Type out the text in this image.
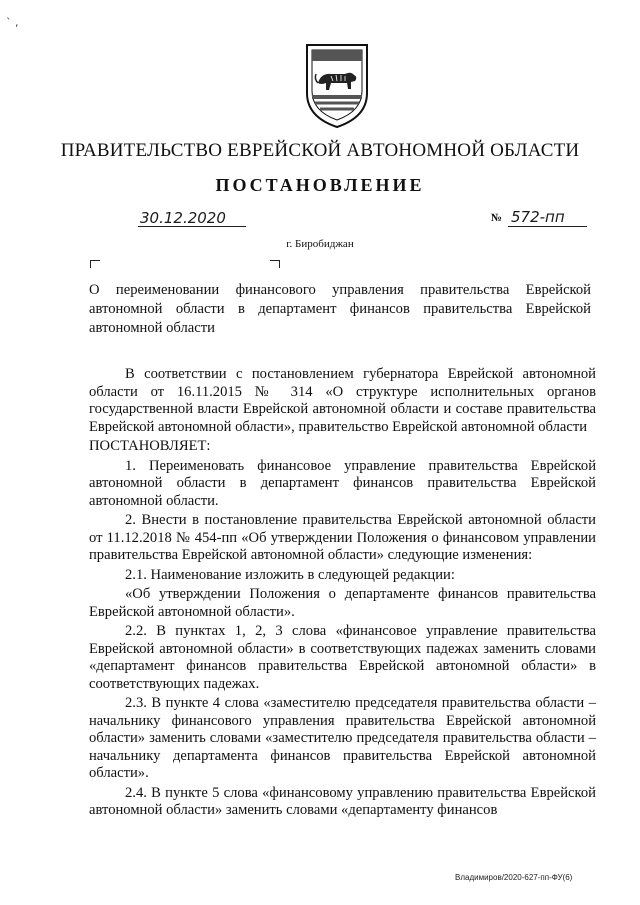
` ,
ПРАВИТЕЛЬСТВО ЕВРЕЙСКОЙ АВТОНОМНОЙ ОБЛАСТИ
ПОСТАНОВЛЕНИЕ
30.12.2020	№ 572-пп
г. Биробиджан
О переименовании финансового управления правительства Еврейской автономной области в департамент финансов правительства Еврейской автономной области

В соответствии с постановлением губернатора Еврейской автономной области от 16.11.2015 № 314 «О структуре исполнительных органов государственной власти Еврейской автономной области и составе правительства Еврейской автономной области», правительство Еврейской автономной области

ПОСТАНОВЛЯЕТ:

1. Переименовать финансовое управление правительства Еврейской автономной области в департамент финансов правительства Еврейской автономной области.

2. Внести в постановление правительства Еврейской автономной области от 11.12.2018 № 454-пп «Об утверждении Положения о финансовом управлении правительства Еврейской автономной области» следующие изменения:

2.1. Наименование изложить в следующей редакции:

«Об утверждении Положения о департаменте финансов правительства Еврейской автономной области».

2.2. В пунктах 1, 2, 3 слова «финансовое управление правительства Еврейской автономной области» в соответствующих падежах заменить словами «департамент финансов правительства Еврейской автономной области» в соответствующих падежах.

2.3. В пункте 4 слова «заместителю председателя правительства области – начальнику финансового управления правительства Еврейской автономной области» заменить словами «заместителю председателя правительства области – начальнику департамента финансов правительства Еврейской автономной области».

2.4. В пункте 5 слова «финансовому управлению правительства Еврейской автономной области» заменить словами «департаменту финансов

Владимиров/2020-627-пп-ФУ(6)
